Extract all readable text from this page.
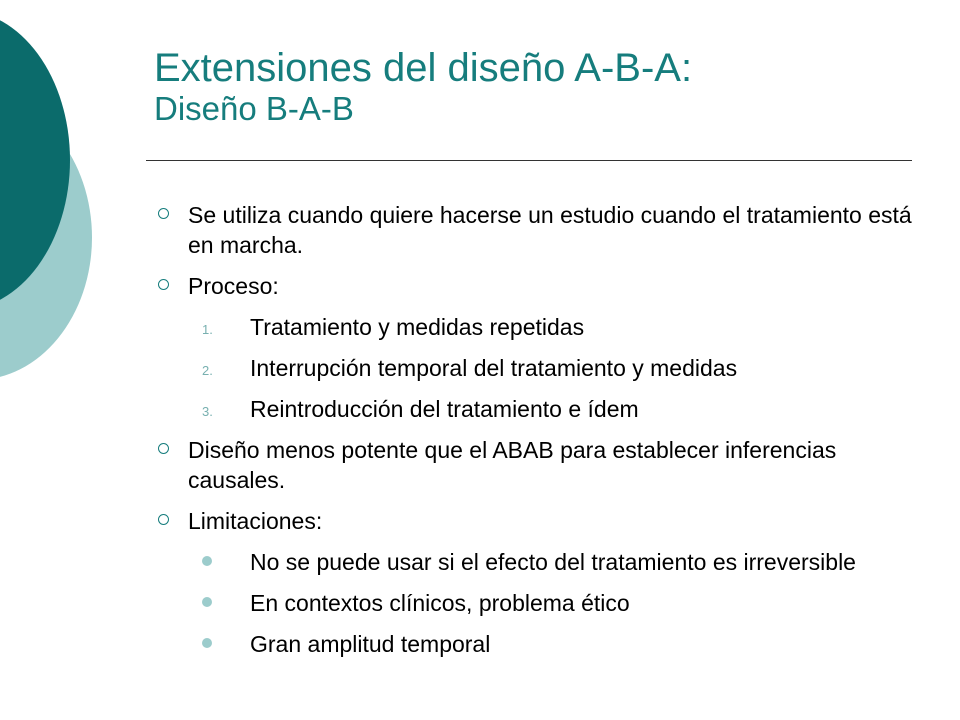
Extensiones del diseño A-B-A:
Diseño B-A-B
Se utiliza cuando quiere hacerse un estudio cuando el tratamiento está en marcha.
Proceso:
1. Tratamiento y medidas repetidas
2. Interrupción temporal del tratamiento y medidas
3. Reintroducción del tratamiento e ídem
Diseño menos potente que el ABAB para establecer inferencias causales.
Limitaciones:
No se puede usar si el efecto del tratamiento es irreversible
En contextos clínicos, problema ético
Gran amplitud temporal
